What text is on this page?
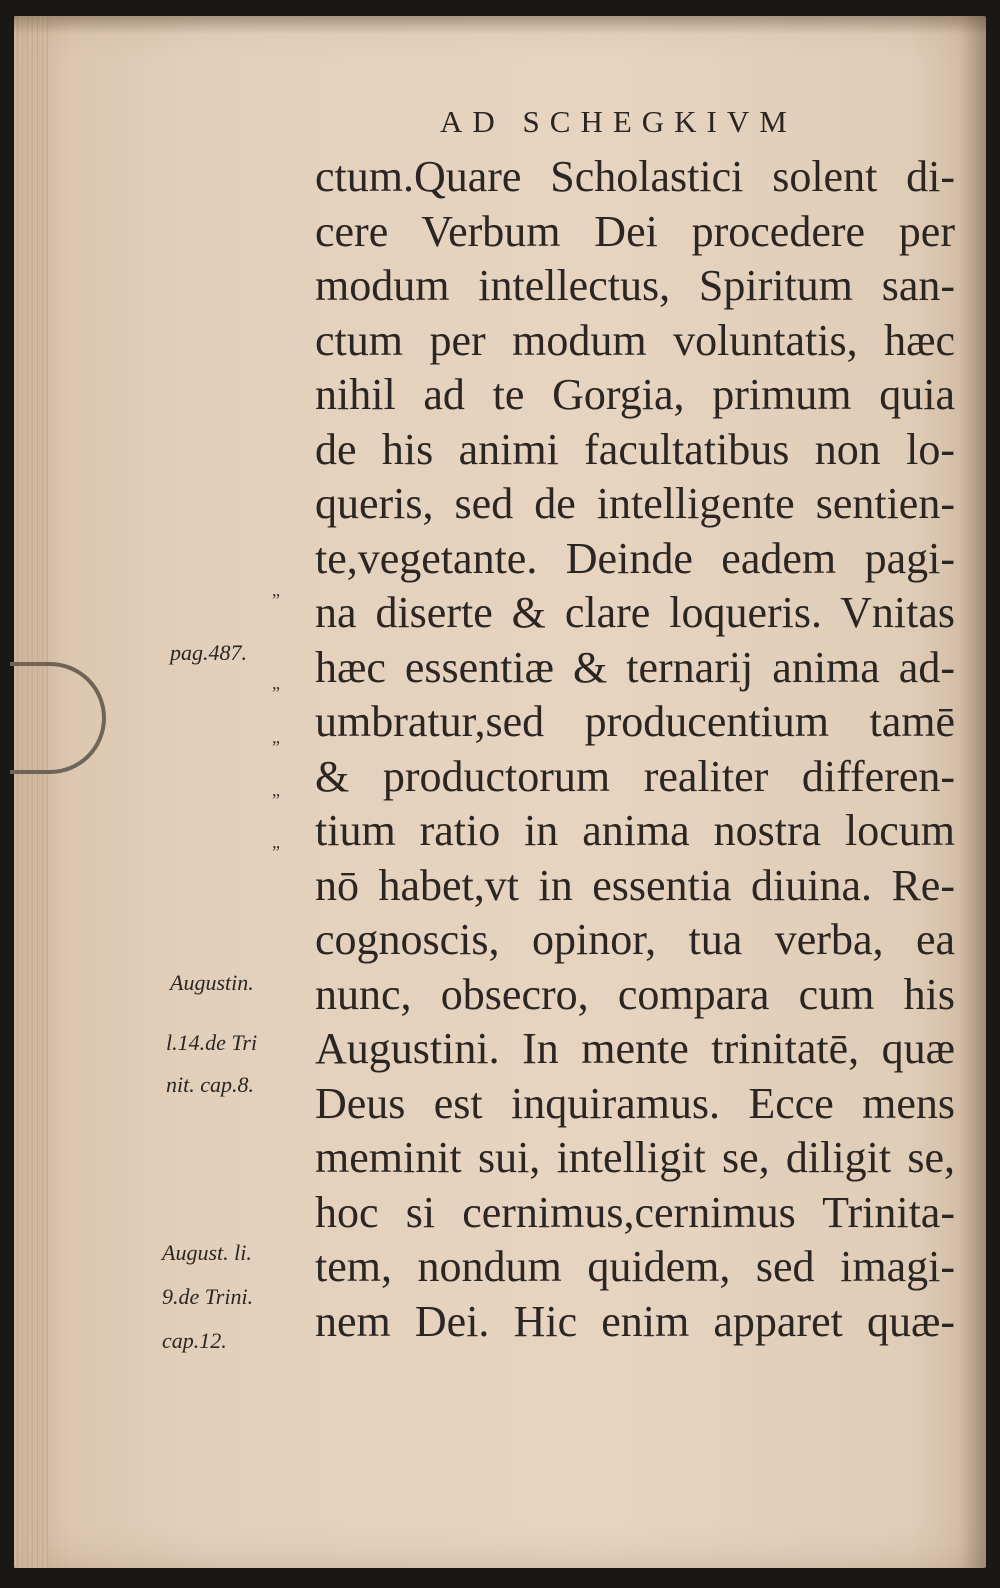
AD SCHEGKIVM
ctum.Quare Scholastici solent di-
cere Verbum Dei procedere per
modum intellectus, Spiritum san-
ctum per modum voluntatis, hæc
nihil ad te Gorgia, primum quia
de his animi facultatibus non lo-
queris, sed de intelligente sentien-
te,vegetante. Deinde eadem pagi-
na diserte & clare loqueris. Vnitas
hæc essentiæ & ternarij anima ad-
umbratur,sed producentium tamē
& productorum realiter differen-
tium ratio in anima nostra locum
nō habet,vt in essentia diuina. Re-
cognoscis, opinor, tua verba, ea
nunc, obsecro, compara cum his
Augustini. In mente trinitatē, quæ
Deus est inquiramus. Ecce mens
meminit sui, intelligit se, diligit se,
hoc si cernimus,cernimus Trinita-
tem, nondum quidem, sed imagi-
nem Dei. Hic enim apparet quæ-
”
”
”
”
”
pag.487.
Augustin.
l.14.de Tri
nit. cap.8.
August. li.
9.de Trini.
cap.12.
